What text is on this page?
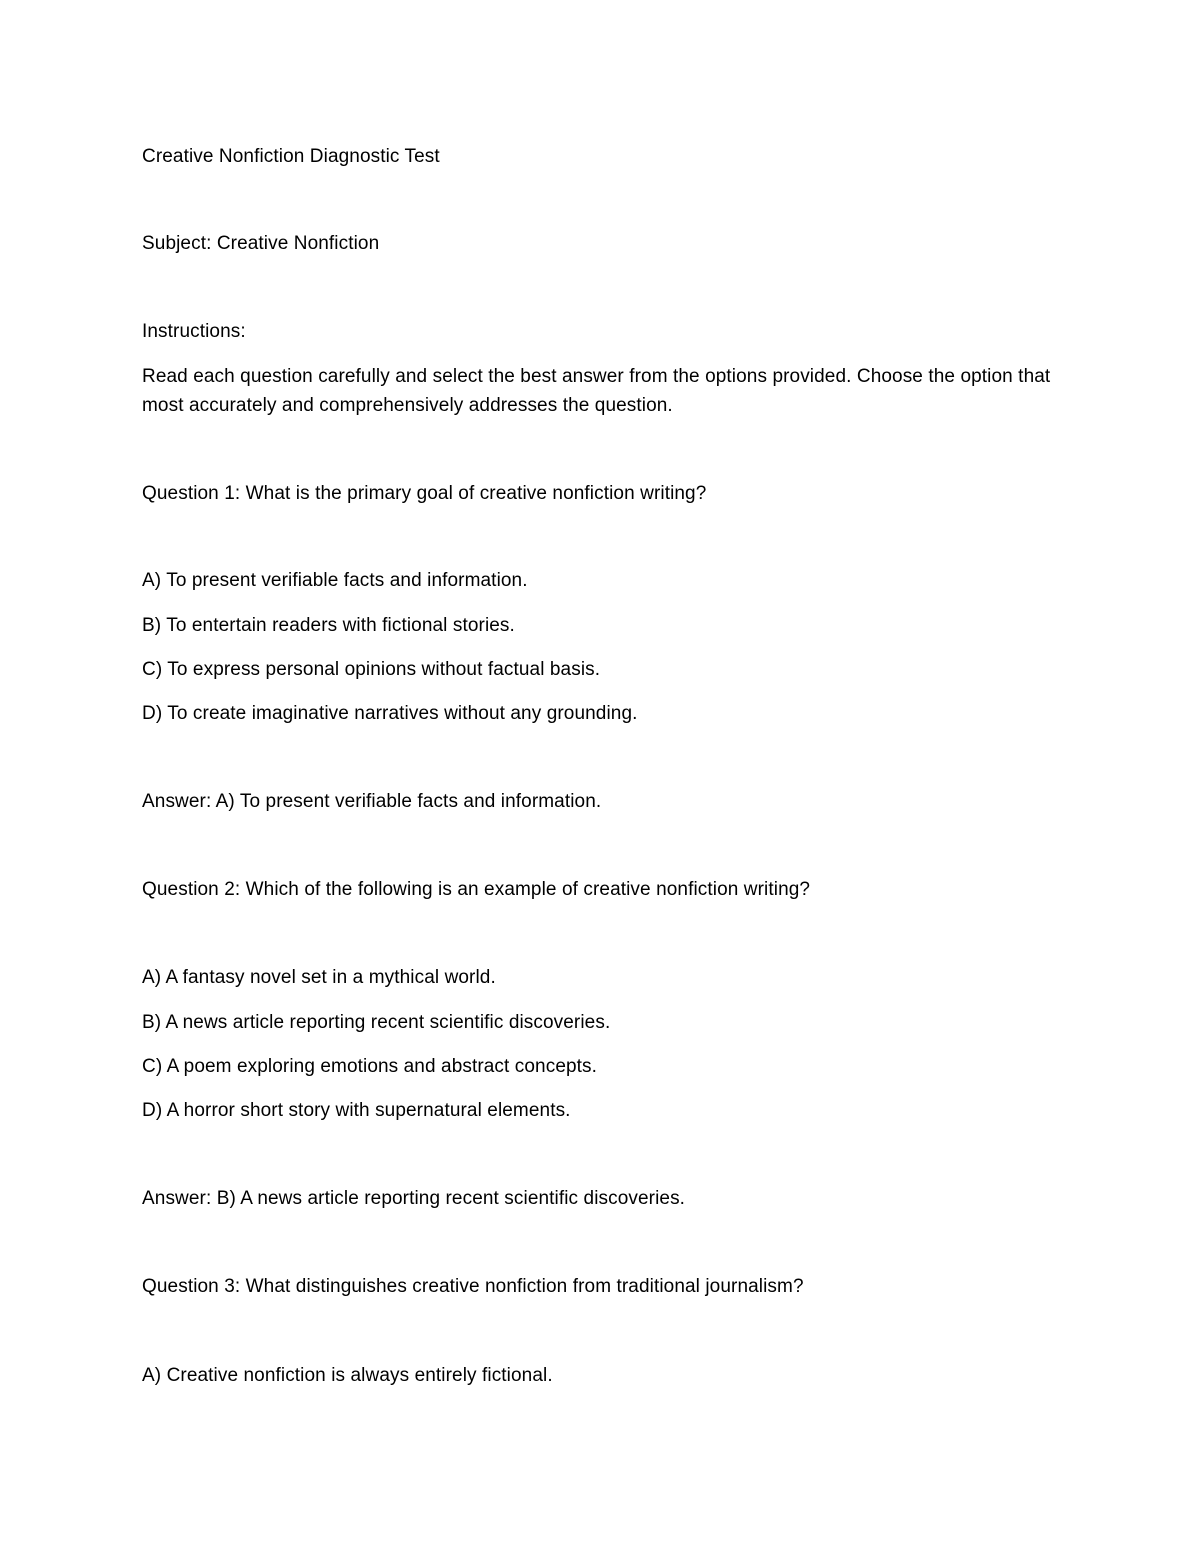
Creative Nonfiction Diagnostic Test
Subject: Creative Nonfiction
Instructions:
Read each question carefully and select the best answer from the options provided. Choose the option that most accurately and comprehensively addresses the question.
Question 1: What is the primary goal of creative nonfiction writing?
A) To present verifiable facts and information.
B) To entertain readers with fictional stories.
C) To express personal opinions without factual basis.
D) To create imaginative narratives without any grounding.
Answer: A) To present verifiable facts and information.
Question 2: Which of the following is an example of creative nonfiction writing?
A) A fantasy novel set in a mythical world.
B) A news article reporting recent scientific discoveries.
C) A poem exploring emotions and abstract concepts.
D) A horror short story with supernatural elements.
Answer: B) A news article reporting recent scientific discoveries.
Question 3: What distinguishes creative nonfiction from traditional journalism?
A) Creative nonfiction is always entirely fictional.
